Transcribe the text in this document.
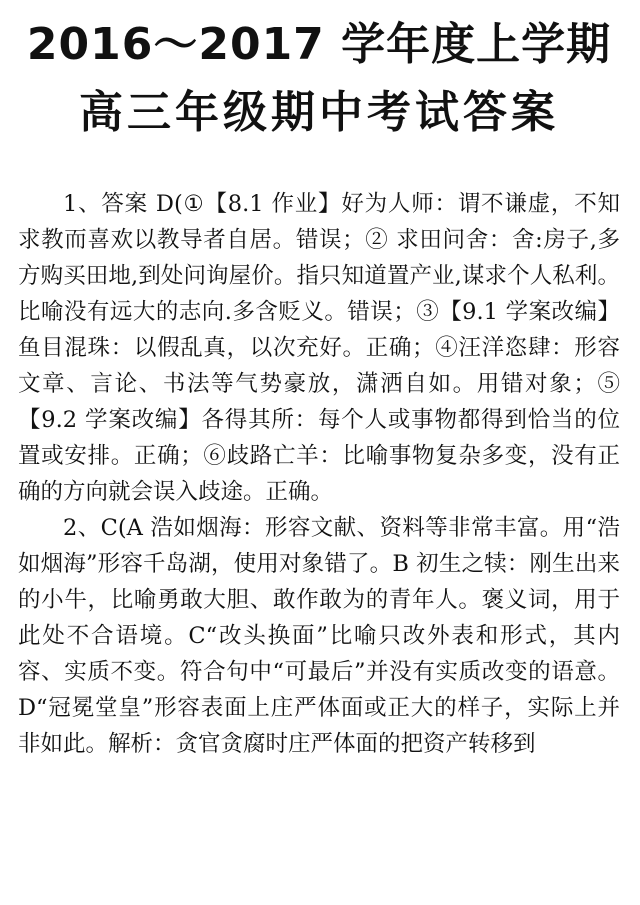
2016～2017 学年度上学期
高三年级期中考试答案

1、答案 D(①【8.1 作业】好为人师：谓不谦虚，不知求教而喜欢以教导者自居。错误；② 求田问舍：舍:房子,多方购买田地,到处问询屋价。指只知道置产业,谋求个人私利。比喻没有远大的志向.多含贬义。错误；③【9.1 学案改编】鱼目混珠：以假乱真，以次充好。正确；④汪洋恣肆：形容文章、言论、书法等气势豪放，潇洒自如。用错对象；⑤【9.2 学案改编】各得其所：每个人或事物都得到恰当的位置或安排。正确；⑥歧路亡羊：比喻事物复杂多变，没有正确的方向就会误入歧途。正确。

2、C(A 浩如烟海：形容文献、资料等非常丰富。用“浩如烟海”形容千岛湖，使用对象错了。B 初生之犊：刚生出来的小牛，比喻勇敢大胆、敢作敢为的青年人。褒义词，用于此处不合语境。C“改头换面”比喻只改外表和形式，其内容、实质不变。符合句中“可最后”并没有实质改变的语意。D“冠冕堂皇”形容表面上庄严体面或正大的样子，实际上并非如此。解析：贪官贪腐时庄严体面的把资产转移到
